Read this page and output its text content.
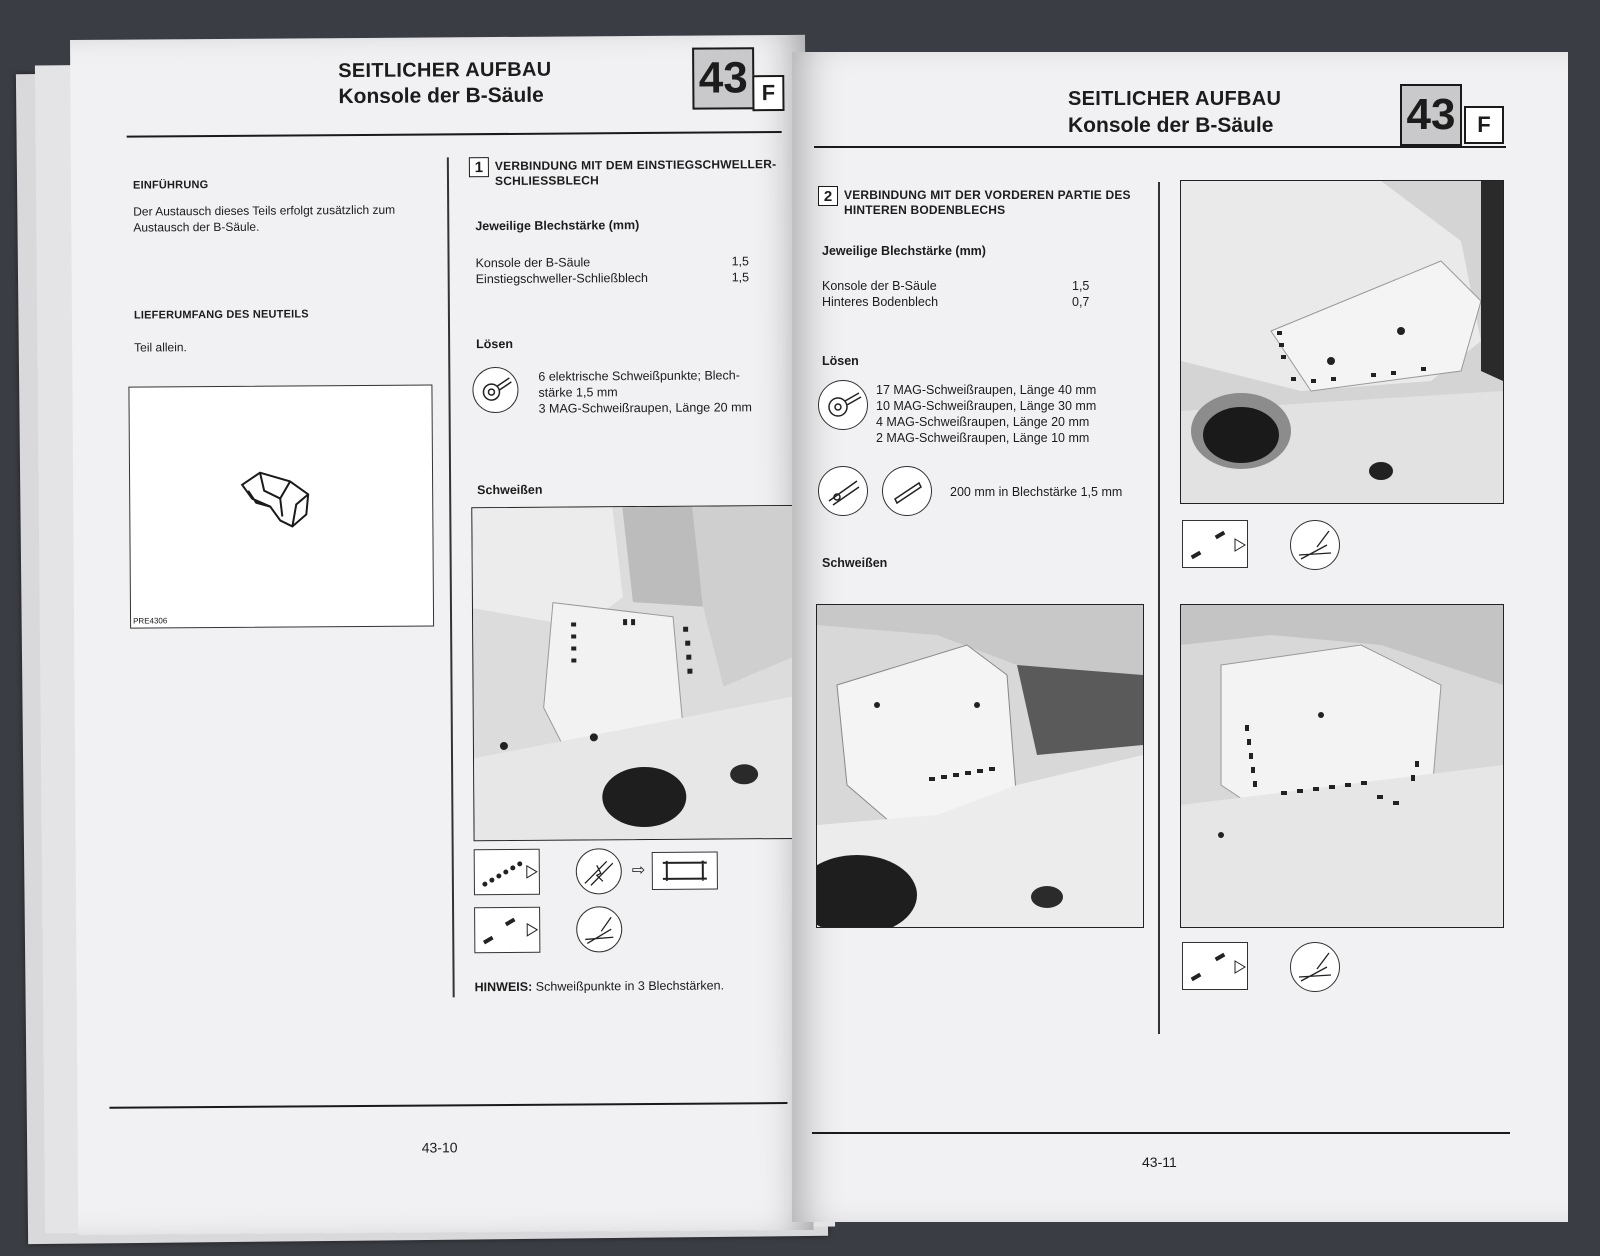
SEITLICHER AUFBAU
Konsole der B-Säule	43 F
EINFÜHRUNG
Der Austausch dieses Teils erfolgt zusätzlich zum
Austausch der B-Säule.
LIEFERUMFANG DES NEUTEILS
Teil allein.
PRE4306
1 VERBINDUNG MIT DEM EINSTIEGSCHWELLER-
SCHLIESSBLECH
Jeweilige Blechstärke (mm)
Konsole der B-Säule	1,5
Einstiegschweller-Schließblech	1,5
Lösen
6 elektrische Schweißpunkte; Blech-
stärke 1,5 mm
3 MAG-Schweißraupen, Länge 20 mm
Schweißen
⇨
HINWEIS: Schweißpunkte in 3 Blechstärken.
43-10
SEITLICHER AUFBAU
Konsole der B-Säule	43 F
2 VERBINDUNG MIT DER VORDEREN PARTIE DES
HINTEREN BODENBLECHS
Jeweilige Blechstärke (mm)
Konsole der B-Säule	1,5
Hinteres Bodenblech	0,7
Lösen
17 MAG-Schweißraupen, Länge 40 mm
10 MAG-Schweißraupen, Länge 30 mm
4 MAG-Schweißraupen, Länge 20 mm
2 MAG-Schweißraupen, Länge 10 mm
200 mm in Blechstärke 1,5 mm
Schweißen
43-11
